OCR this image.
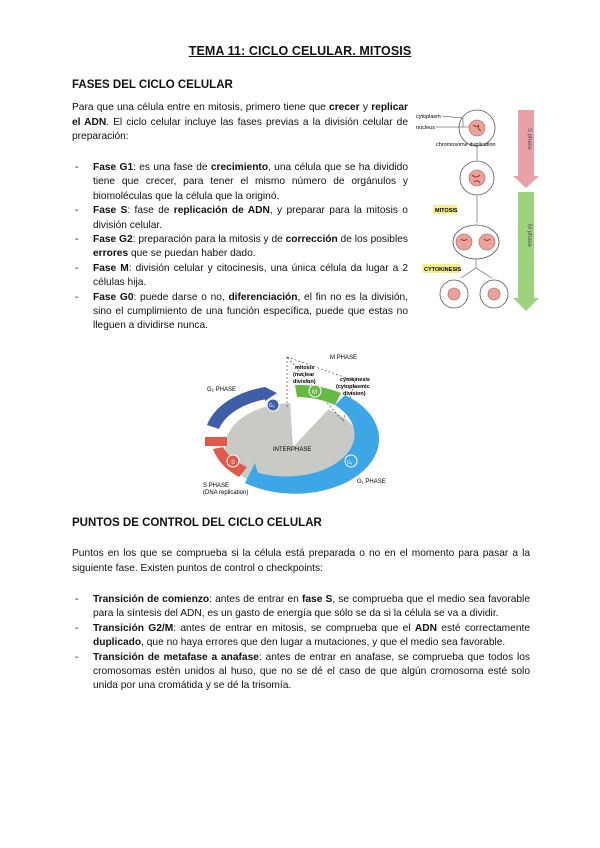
TEMA 11: CICLO CELULAR. MITOSIS
FASES DEL CICLO CELULAR
Para que una célula entre en mitosis, primero tiene que crecer y replicar el ADN. El ciclo celular incluye las fases previas a la división celular de preparación:
- Fase G1: es una fase de crecimiento, una célula que se ha dividido tiene que crecer, para tener el mismo número de orgánulos y biomoléculas que la célula que la originó.
- Fase S: fase de replicación de ADN, y preparar para la mitosis o división celular.
- Fase G2: preparación para la mitosis y de corrección de los posibles errores que se puedan haber dado.
- Fase M: división celular y citocinesis, una única célula da lugar a 2 células hija.
- Fase G0: puede darse o no, diferenciación, el fin no es la división, sino el cumplimiento de una función específica, puede que estas no lleguen a dividirse nunca.
cytoplasm
nucleus
chromosome duplication
MITOSIS
CYTOKINESIS
S phase
M phase
G₂
M
S	G₁
M PHASE
mitosis
(nuclear
division)	cytokinesis
(cytoplasmic
division)
G₂ PHASE
INTERPHASE
G₁ PHASE
S PHASE
(DNA replication)
PUNTOS DE CONTROL DEL CICLO CELULAR
Puntos en los que se comprueba si la célula está preparada o no en el momento para pasar a la siguiente fase. Existen puntos de control o checkpoints:
- Transición de comienzo: antes de entrar en fase S, se comprueba que el medio sea favorable para la síntesis del ADN, es un gasto de energía que sólo se da si la célula se va a dividir.
- Transición G2/M: antes de entrar en mitosis, se comprueba que el ADN esté correctamente duplicado, que no haya errores que den lugar a mutaciones, y que el medio sea favorable.
- Transición de metafase a anafase: antes de entrar en anafase, se comprueba que todos los cromosomas estén unidos al huso, que no se dé el caso de que algún cromosoma esté solo unida por una cromátida y se dé la trisomía.
